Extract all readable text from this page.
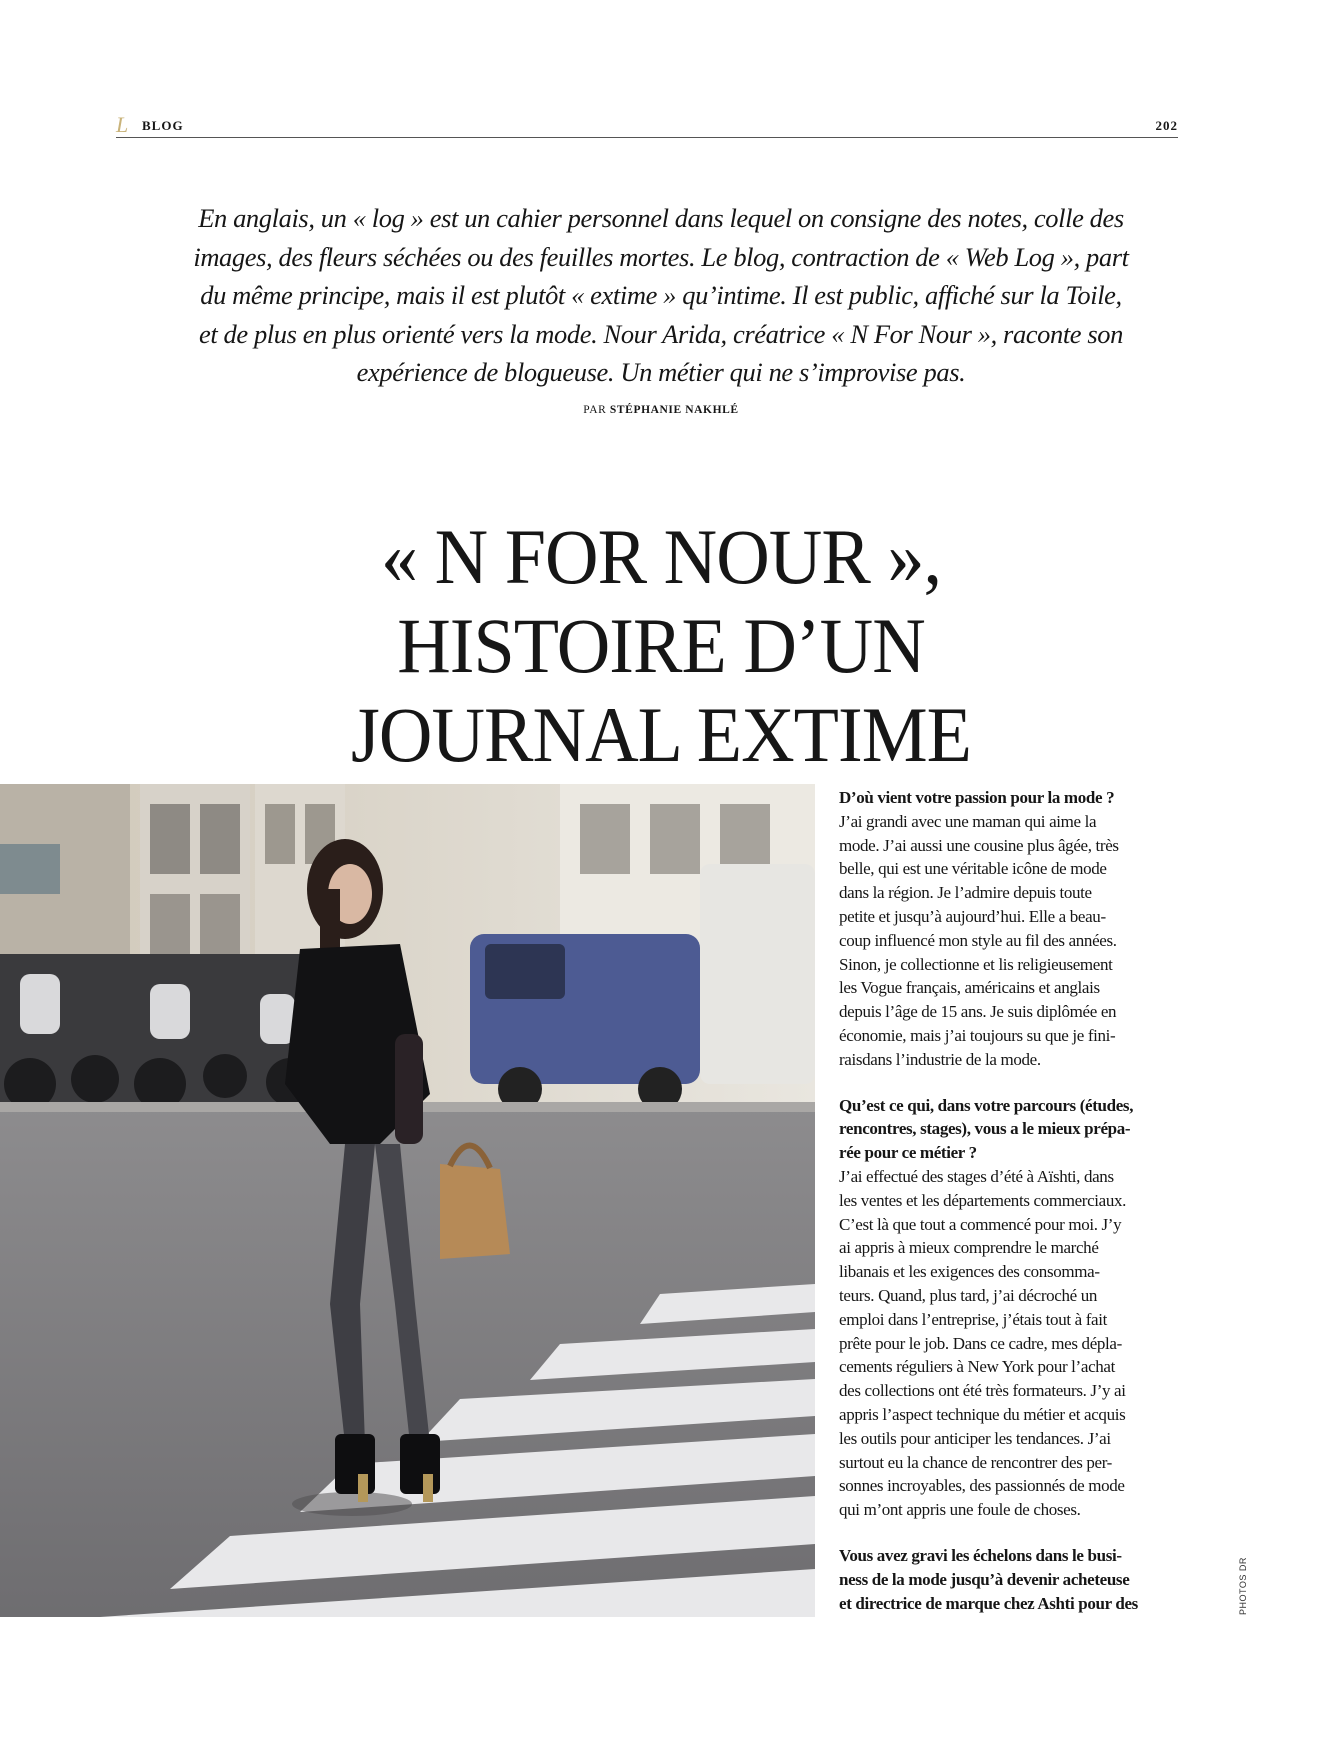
L BLOG	202
En anglais, un « log » est un cahier personnel dans lequel on consigne des notes, colle des
images, des fleurs séchées ou des feuilles mortes. Le blog, contraction de « Web Log », part
du même principe, mais il est plutôt « extime » qu’intime. Il est public, affiché sur la Toile,
et de plus en plus orienté vers la mode. Nour Arida, créatrice « N For Nour », raconte son
expérience de blogueuse. Un métier qui ne s’improvise pas.
PAR STÉPHANIE NAKHLÉ
« N FOR NOUR »,
HISTOIRE D’UN
JOURNAL EXTIME

D’où vient votre passion pour la mode ?

J’ai grandi avec une maman qui aime la
mode. J’ai aussi une cousine plus âgée, très
belle, qui est une véritable icône de mode
dans la région. Je l’admire depuis toute
petite et jusqu’à aujourd’hui. Elle a beau-
coup influencé mon style au fil des années.
Sinon, je collectionne et lis religieusement
les Vogue français, américains et anglais
depuis l’âge de 15 ans. Je suis diplômée en
économie, mais j’ai toujours su que je fini-
raisdans l’industrie de la mode.

Qu’est ce qui, dans votre parcours (études,
rencontres, stages), vous a le mieux prépa-
rée pour ce métier ?

J’ai effectué des stages d’été à Aïshti, dans
les ventes et les départements commerciaux.
C’est là que tout a commencé pour moi. J’y
ai appris à mieux comprendre le marché
libanais et les exigences des consomma-
teurs. Quand, plus tard, j’ai décroché un
emploi dans l’entreprise, j’étais tout à fait
prête pour le job. Dans ce cadre, mes dépla-
cements réguliers à New York pour l’achat
des collections ont été très formateurs. J’y ai
appris l’aspect technique du métier et acquis
les outils pour anticiper les tendances. J’ai
surtout eu la chance de rencontrer des per-
sonnes incroyables, des passionnés de mode
qui m’ont appris une foule de choses.

Vous avez gravi les échelons dans le busi-
ness de la mode jusqu’à devenir acheteuse
et directrice de marque chez Ashti pour des	PHOTOS DR
